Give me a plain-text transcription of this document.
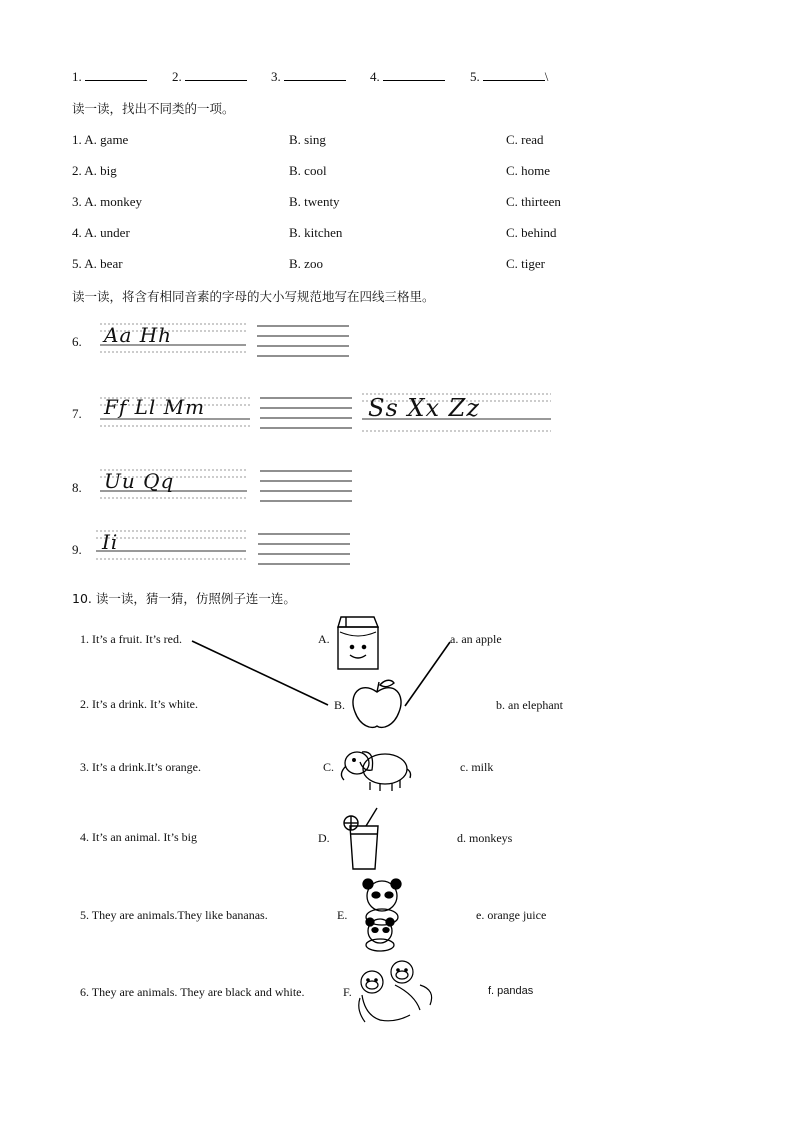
1.	2.	3.	4.	5.	\
读一读，找出不同类的一项。
1. A. game	B. sing	C. read
2. A. big	B. cool	C. home
3. A. monkey	B. twenty	C. thirteen
4. A. under	B. kitchen	C. behind
5. A. bear	B. zoo	C. tiger
读一读，将含有相同音素的字母的大小写规范地写在四线三格里。
6. Aa Hh
7. Ff Ll Mm	Ss Xx Zz
8. Uu Qq
9. Ii
10. 读一读，猜一猜，仿照例子连一连。
1. It’s a fruit. It’s red.
2. It’s a drink. It’s white.
3. It’s a drink.It’s orange.
4. It’s an animal. It’s big
5. They are animals.They like bananas.
6. They are animals. They are black and white.
A.
B.
C.
D.
E.
F.
a. an apple
b. an elephant
c. milk
d. monkeys
e. orange juice
f. pandas
